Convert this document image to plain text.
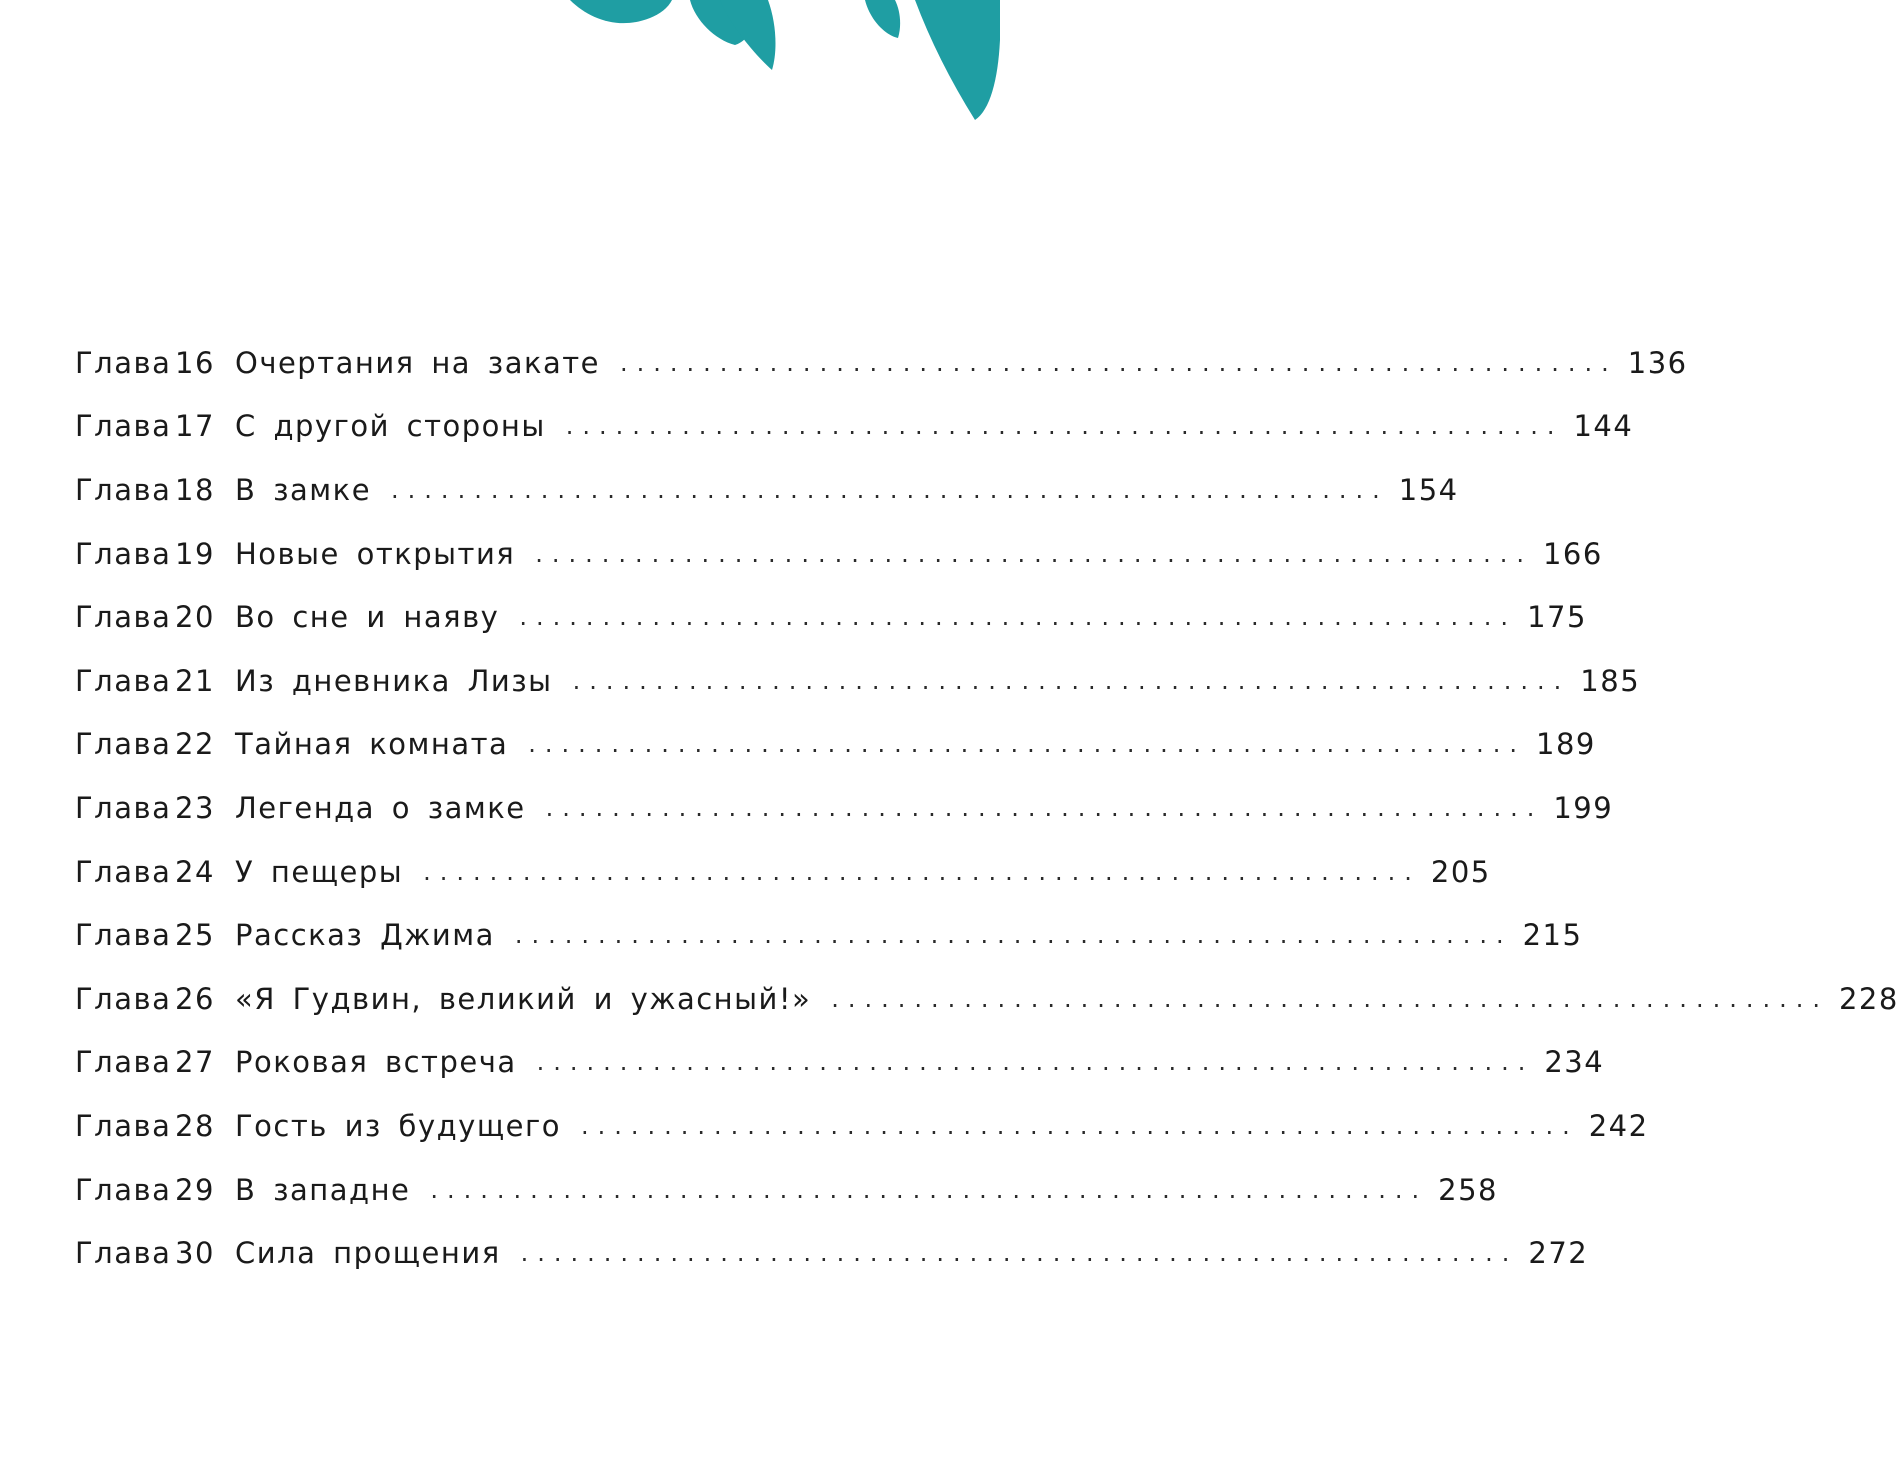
Глава 16 Очертания на закате ............................................................ 136
Глава 17 С другой стороны ............................................................ 144
Глава 18 В замке ............................................................ 154
Глава 19 Новые открытия ............................................................ 166
Глава 20 Во сне и наяву ............................................................ 175
Глава 21 Из дневника Лизы ............................................................ 185
Глава 22 Тайная комната ............................................................ 189
Глава 23 Легенда о замке ............................................................ 199
Глава 24 У пещеры ............................................................ 205
Глава 25 Рассказ Джима ............................................................ 215
Глава 26 «Я Гудвин, великий и ужасный!» ............................................................ 228
Глава 27 Роковая встреча ............................................................ 234
Глава 28 Гость из будущего ............................................................ 242
Глава 29 В западне ............................................................ 258
Глава 30 Сила прощения ............................................................ 272
